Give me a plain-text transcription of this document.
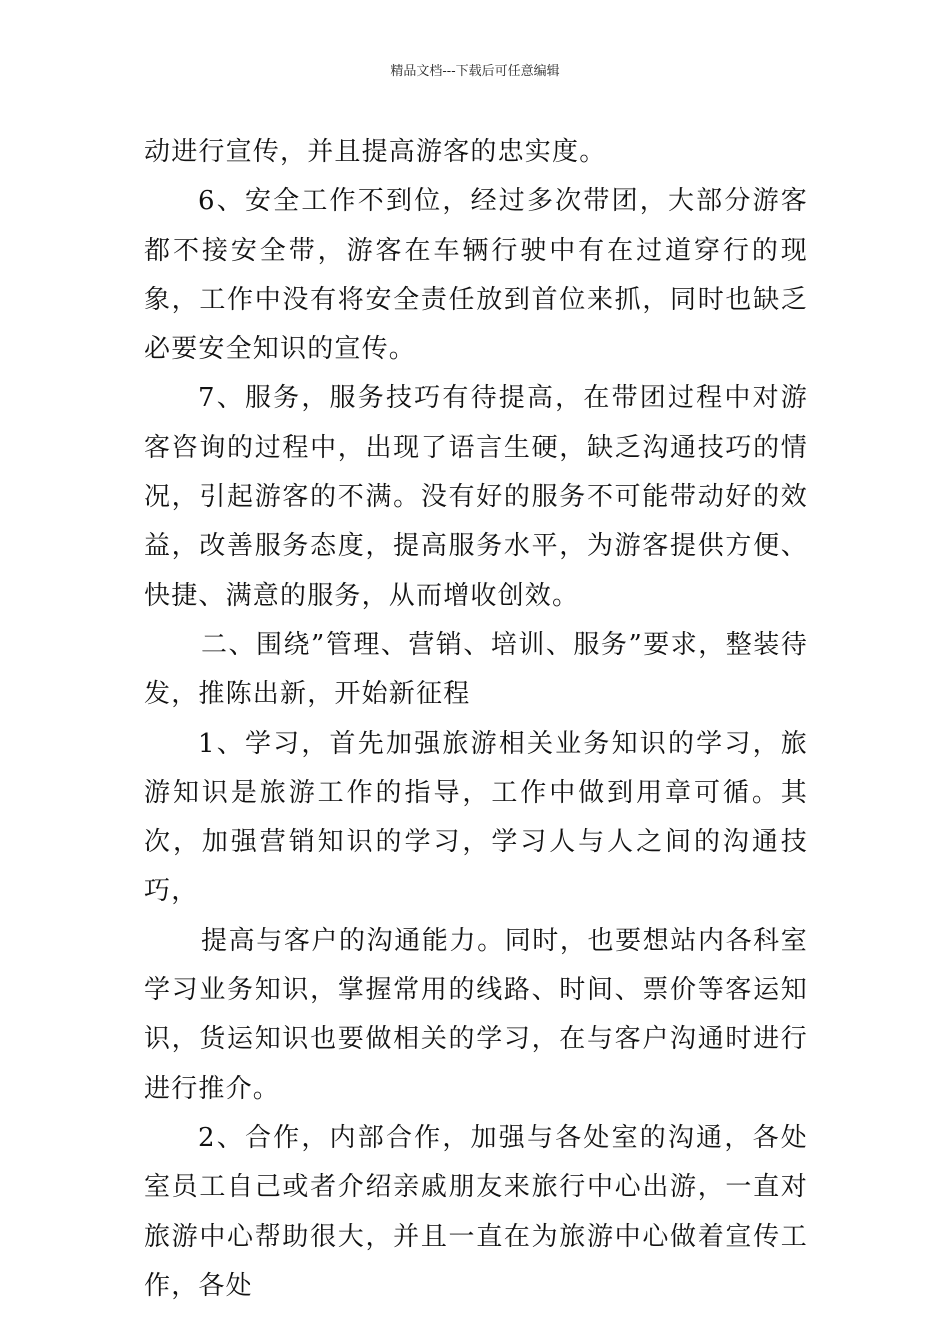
精品文档---下载后可任意编辑

动进行宣传，并且提高游客的忠实度。

6、安全工作不到位，经过多次带团，大部分游客都不接安全带，游客在车辆行驶中有在过道穿行的现象，工作中没有将安全责任放到首位来抓，同时也缺乏必要安全知识的宣传。

7、服务，服务技巧有待提高，在带团过程中对游客咨询的过程中，出现了语言生硬，缺乏沟通技巧的情况，引起游客的不满。没有好的服务不可能带动好的效益，改善服务态度，提高服务水平，为游客提供方便、快捷、满意的服务，从而增收创效。

二、围绕”管理、营销、培训、服务”要求，整装待发，推陈出新，开始新征程

1、学习，首先加强旅游相关业务知识的学习，旅游知识是旅游工作的指导，工作中做到用章可循。其次，加强营销知识的学习，学习人与人之间的沟通技巧，

提高与客户的沟通能力。同时，也要想站内各科室学习业务知识，掌握常用的线路、时间、票价等客运知识，货运知识也要做相关的学习，在与客户沟通时进行进行推介。

2、合作，内部合作，加强与各处室的沟通，各处室员工自己或者介绍亲戚朋友来旅行中心出游，一直对旅游中心帮助很大，并且一直在为旅游中心做着宣传工作，各处
